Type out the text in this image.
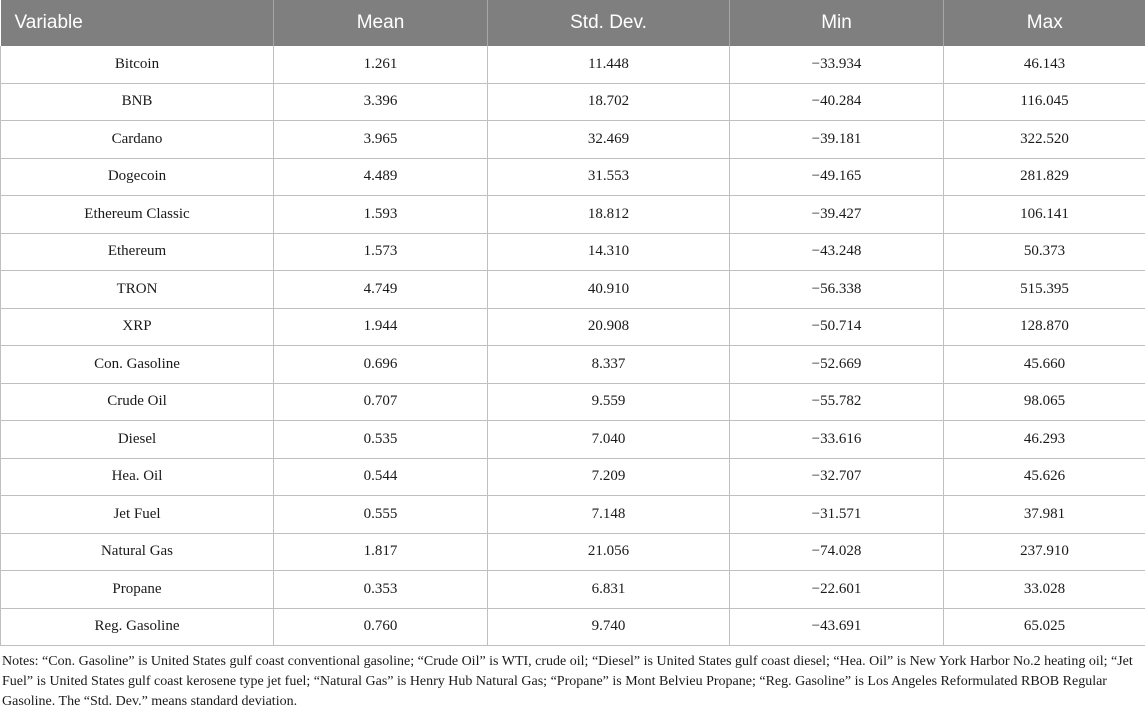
Variable	Mean	Std. Dev.	Min	Max
Bitcoin	1.261	11.448	−33.934	46.143
BNB	3.396	18.702	−40.284	116.045
Cardano	3.965	32.469	−39.181	322.520
Dogecoin	4.489	31.553	−49.165	281.829
Ethereum Classic	1.593	18.812	−39.427	106.141
Ethereum	1.573	14.310	−43.248	50.373
TRON	4.749	40.910	−56.338	515.395
XRP	1.944	20.908	−50.714	128.870
Con. Gasoline	0.696	8.337	−52.669	45.660
Crude Oil	0.707	9.559	−55.782	98.065
Diesel	0.535	7.040	−33.616	46.293
Hea. Oil	0.544	7.209	−32.707	45.626
Jet Fuel	0.555	7.148	−31.571	37.981
Natural Gas	1.817	21.056	−74.028	237.910
Propane	0.353	6.831	−22.601	33.028
Reg. Gasoline	0.760	9.740	−43.691	65.025

Notes: “Con. Gasoline” is United States gulf coast conventional gasoline; “Crude Oil” is WTI, crude oil; “Diesel” is United States gulf coast diesel; “Hea. Oil” is New York Harbor No.2 heating oil; “Jet Fuel” is United States gulf coast kerosene type jet fuel; “Natural Gas” is Henry Hub Natural Gas; “Propane” is Mont Belvieu Propane; “Reg. Gasoline” is Los Angeles Reformulated RBOB Regular Gasoline. The “Std. Dev.” means standard deviation.
